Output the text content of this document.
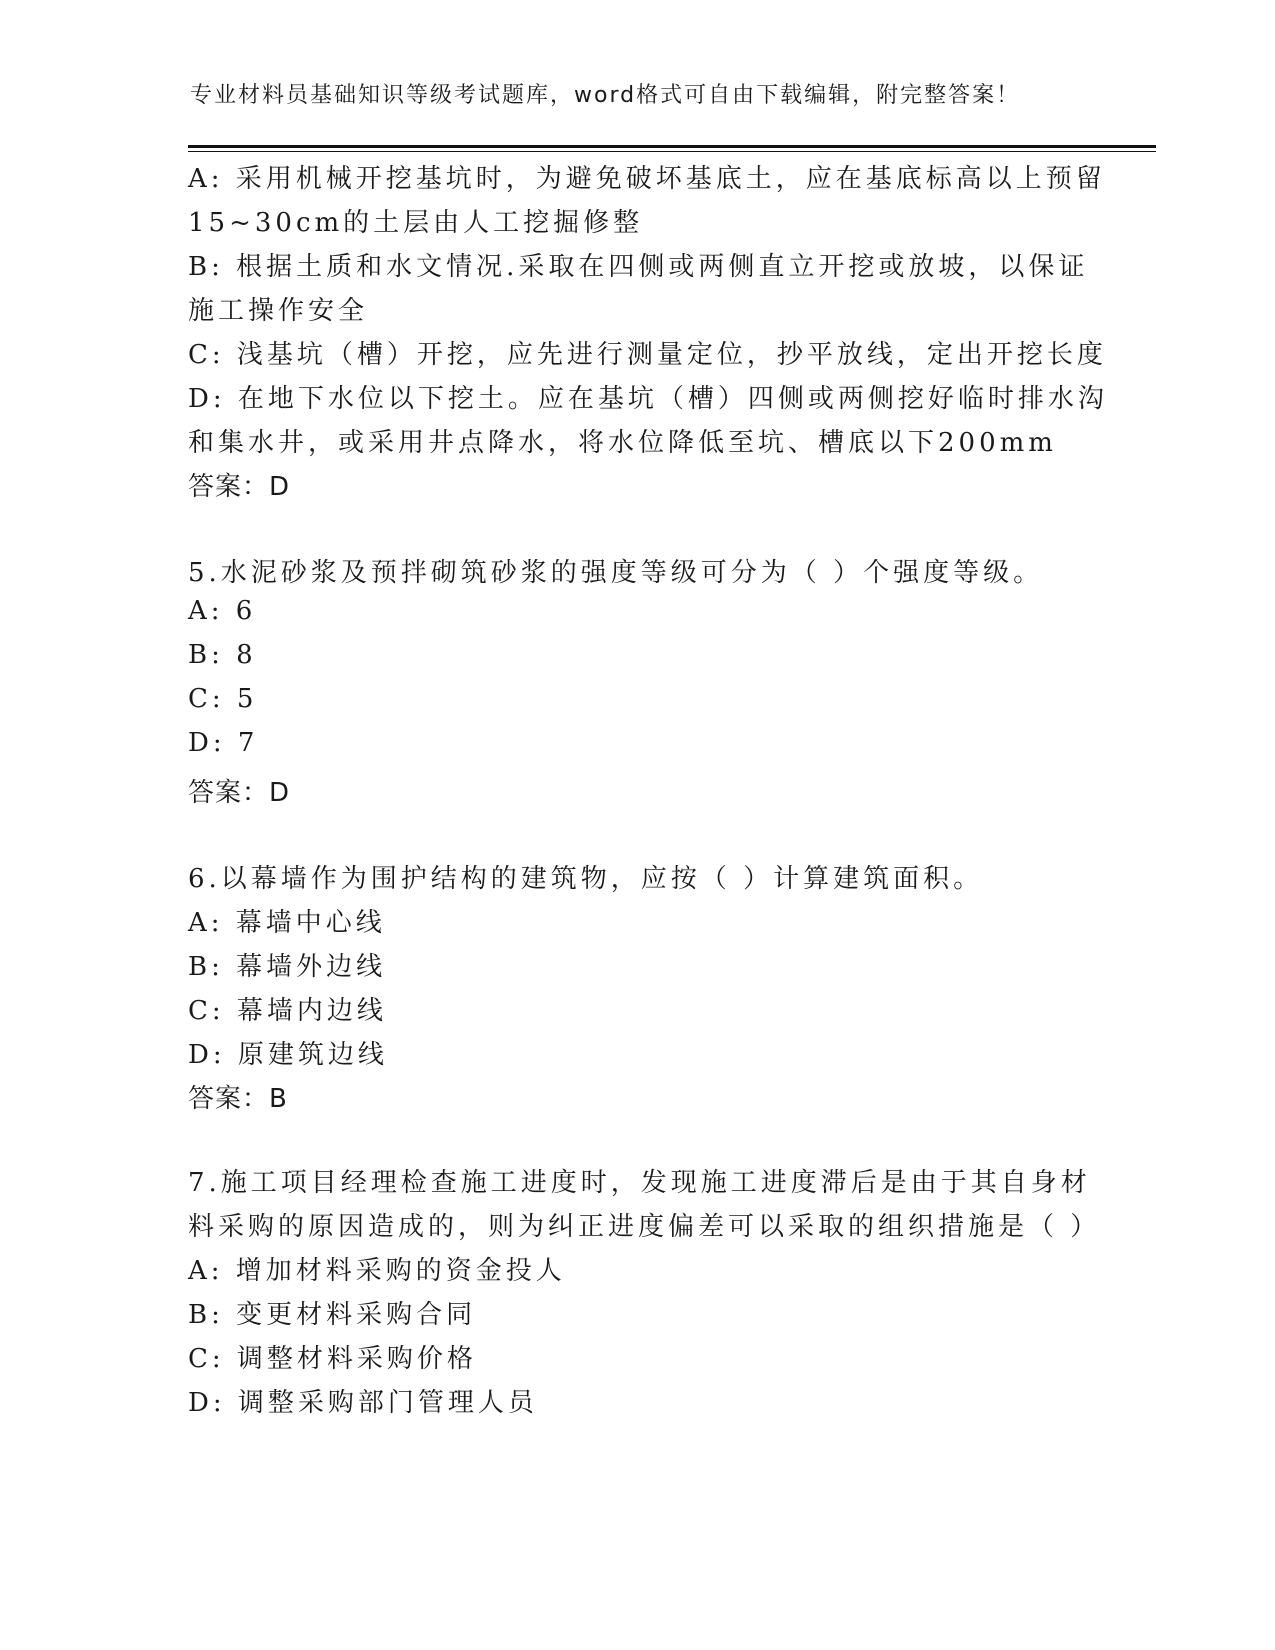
专业材料员基础知识等级考试题库，word格式可自由下载编辑，附完整答案！
A: 采用机械开挖基坑时，为避免破坏基底土，应在基底标高以上预留
15~30cm的土层由人工挖掘修整
B: 根据土质和水文情况.采取在四侧或两侧直立开挖或放坡，以保证
施工操作安全
C: 浅基坑（槽）开挖，应先进行测量定位，抄平放线，定出开挖长度
D: 在地下水位以下挖土。应在基坑（槽）四侧或两侧挖好临时排水沟
和集水井，或采用井点降水，将水位降低至坑、槽底以下200mm
答案：D
5.水泥砂浆及预拌砌筑砂浆的强度等级可分为（ ）个强度等级。
A: 6
B: 8
C: 5
D: 7
答案：D
6.以幕墙作为围护结构的建筑物，应按（ ）计算建筑面积。
A: 幕墙中心线
B: 幕墙外边线
C: 幕墙内边线
D: 原建筑边线
答案：B
7.施工项目经理检查施工进度时，发现施工进度滞后是由于其自身材
料采购的原因造成的，则为纠正进度偏差可以采取的组织措施是（ ）
A: 增加材料采购的资金投人
B: 变更材料采购合同
C: 调整材料采购价格
D: 调整采购部门管理人员
